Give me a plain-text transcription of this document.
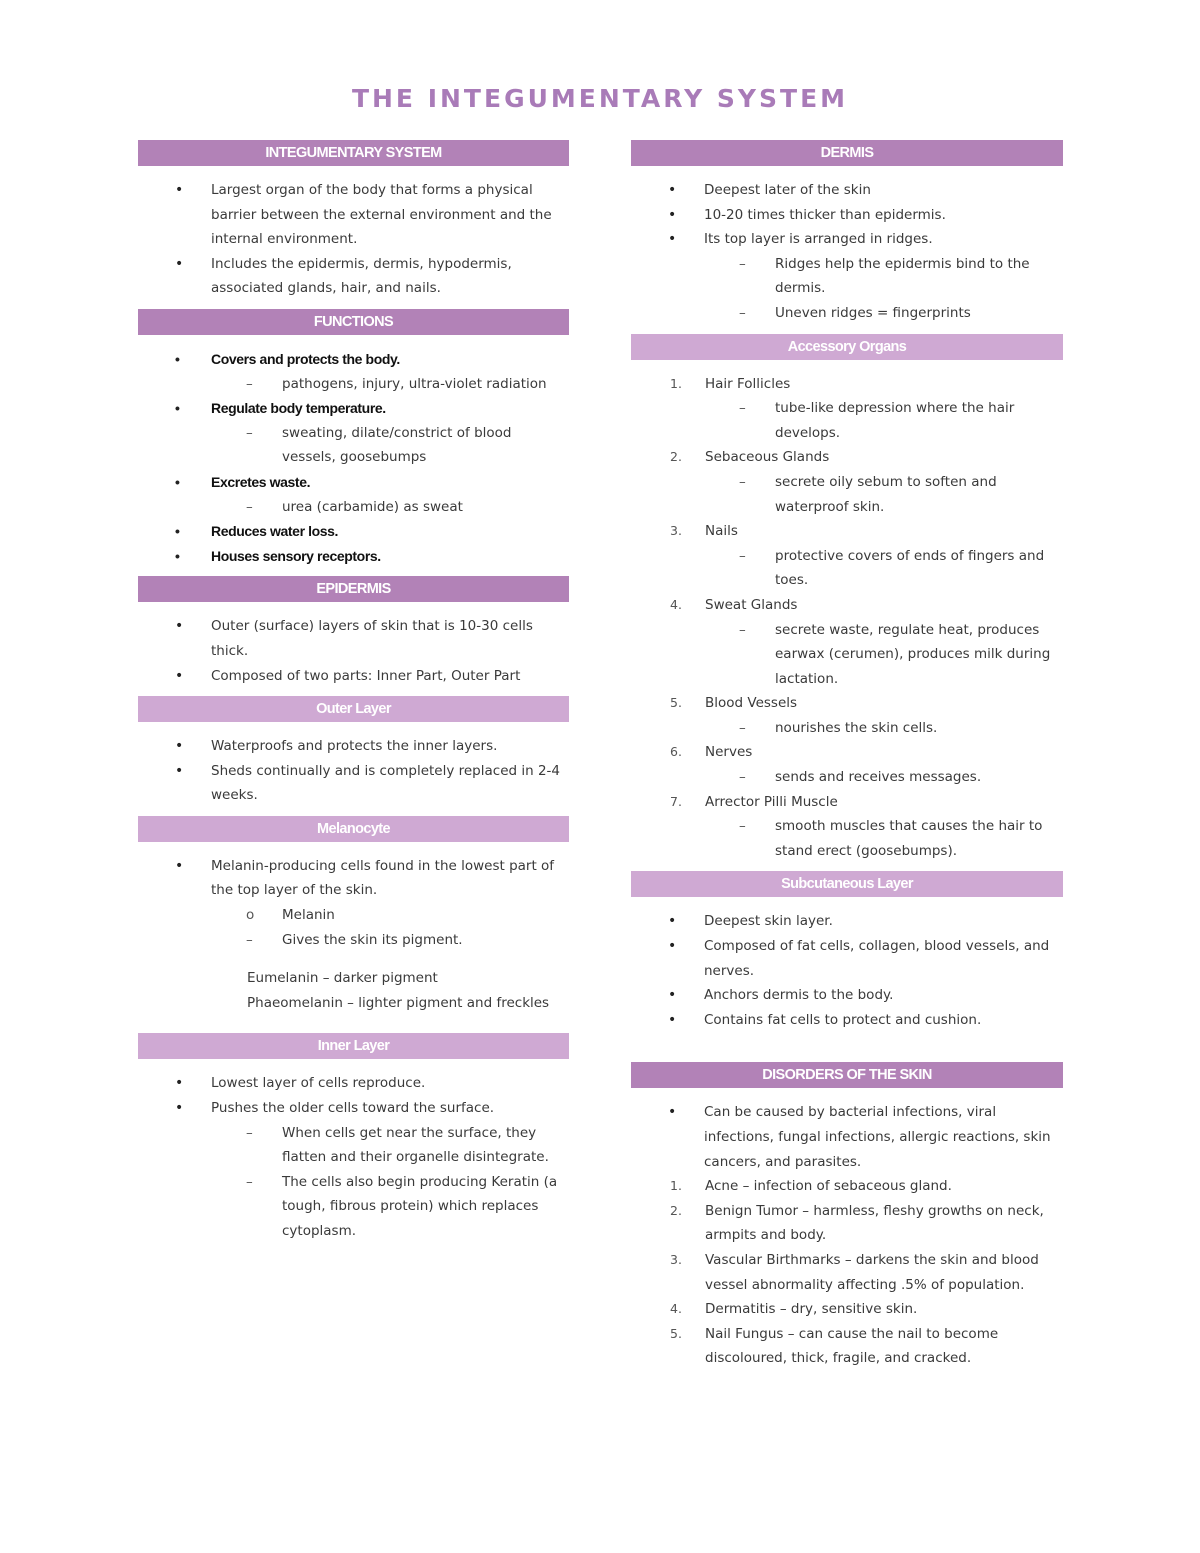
THE INTEGUMENTARY SYSTEM
INTEGUMENTARY SYSTEM
• Largest organ of the body that forms a physical barrier between the external environment and the internal environment.
• Includes the epidermis, dermis, hypodermis, associated glands, hair, and nails.
FUNCTIONS
• Covers and protects the body.
– pathogens, injury, ultra-violet radiation
• Regulate body temperature.
– sweating, dilate/constrict of blood vessels, goosebumps
• Excretes waste.
– urea (carbamide) as sweat
• Reduces water loss.
• Houses sensory receptors.
EPIDERMIS
• Outer (surface) layers of skin that is 10-30 cells thick.
• Composed of two parts: Inner Part, Outer Part
Outer Layer
• Waterproofs and protects the inner layers.
• Sheds continually and is completely replaced in 2-4 weeks.
Melanocyte
• Melanin-producing cells found in the lowest part of the top layer of the skin.
o Melanin
– Gives the skin its pigment.
Eumelanin – darker pigment
Phaeomelanin – lighter pigment and freckles
Inner Layer
• Lowest layer of cells reproduce.
• Pushes the older cells toward the surface.
– When cells get near the surface, they flatten and their organelle disintegrate.
– The cells also begin producing Keratin (a tough, fibrous protein) which replaces cytoplasm.
DERMIS
• Deepest later of the skin
• 10-20 times thicker than epidermis.
• Its top layer is arranged in ridges.
– Ridges help the epidermis bind to the dermis.
– Uneven ridges = fingerprints
Accessory Organs
1. Hair Follicles
– tube-like depression where the hair develops.
2. Sebaceous Glands
– secrete oily sebum to soften and waterproof skin.
3. Nails
– protective covers of ends of fingers and toes.
4. Sweat Glands
– secrete waste, regulate heat, produces earwax (cerumen), produces milk during lactation.
5. Blood Vessels
– nourishes the skin cells.
6. Nerves
– sends and receives messages.
7. Arrector Pilli Muscle
– smooth muscles that causes the hair to stand erect (goosebumps).
Subcutaneous Layer
• Deepest skin layer.
• Composed of fat cells, collagen, blood vessels, and nerves.
• Anchors dermis to the body.
• Contains fat cells to protect and cushion.
DISORDERS OF THE SKIN
• Can be caused by bacterial infections, viral infections, fungal infections, allergic reactions, skin cancers, and parasites.
1. Acne – infection of sebaceous gland.
2. Benign Tumor – harmless, fleshy growths on neck, armpits and body.
3. Vascular Birthmarks – darkens the skin and blood vessel abnormality affecting .5% of population.
4. Dermatitis – dry, sensitive skin.
5. Nail Fungus – can cause the nail to become discoloured, thick, fragile, and cracked.
